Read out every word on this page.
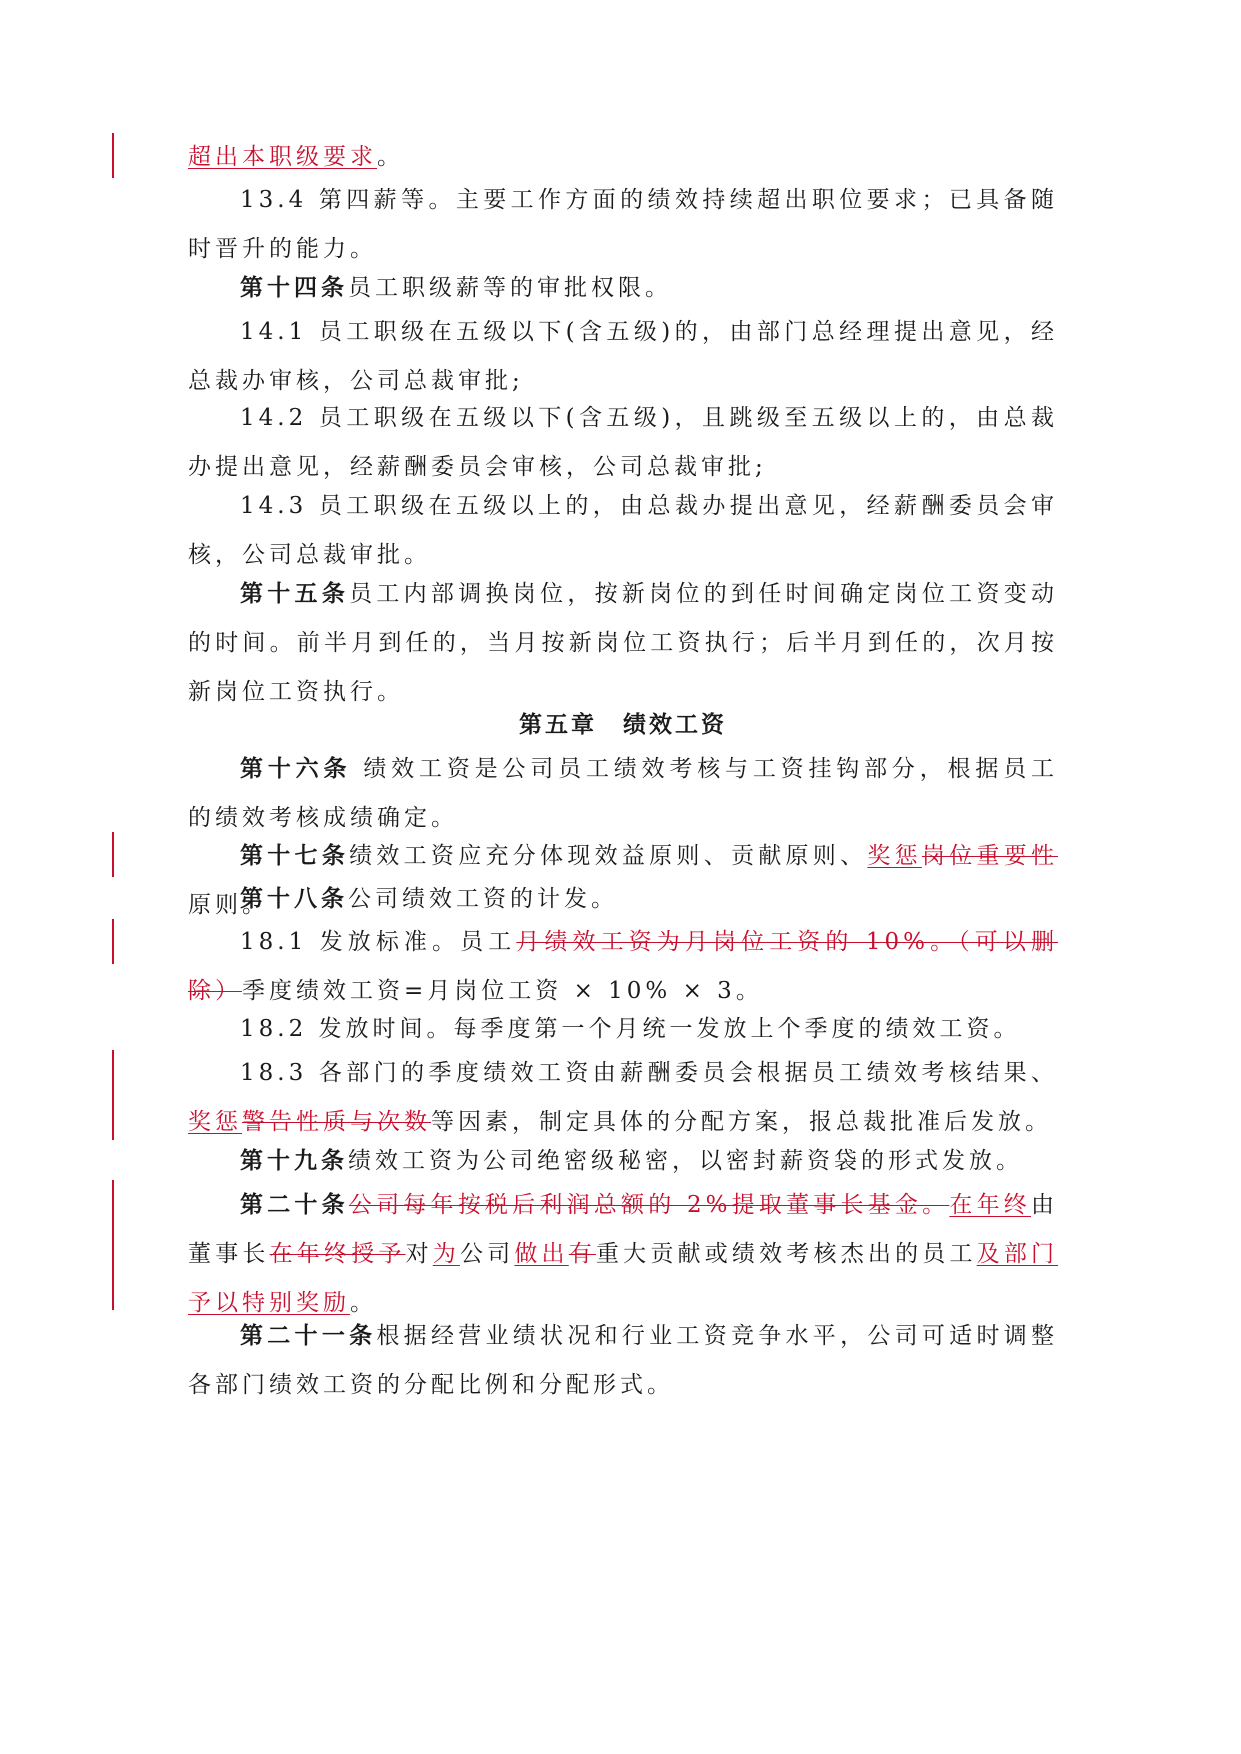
超出本职级要求。

13.4 第四薪等。主要工作方面的绩效持续超出职位要求；已具备随时晋升的能力。

第十四条员工职级薪等的审批权限。

14.1 员工职级在五级以下(含五级)的，由部门总经理提出意见，经总裁办审核，公司总裁审批;

14.2 员工职级在五级以下(含五级)，且跳级至五级以上的，由总裁办提出意见，经薪酬委员会审核，公司总裁审批;

14.3 员工职级在五级以上的，由总裁办提出意见，经薪酬委员会审核，公司总裁审批。

第十五条员工内部调换岗位，按新岗位的到任时间确定岗位工资变动的时间。前半月到任的，当月按新岗位工资执行；后半月到任的，次月按新岗位工资执行。

第五章　绩效工资

第十六条 绩效工资是公司员工绩效考核与工资挂钩部分，根据员工的绩效考核成绩确定。

第十七条绩效工资应充分体现效益原则、贡献原则、奖惩岗位重要性原则。

第十八条公司绩效工资的计发。

18.1 发放标准。员工月绩效工资为月岗位工资的 10%。（可以删除）季度绩效工资=月岗位工资 × 10% × 3。

18.2 发放时间。每季度第一个月统一发放上个季度的绩效工资。

18.3 各部门的季度绩效工资由薪酬委员会根据员工绩效考核结果、奖惩警告性质与次数等因素，制定具体的分配方案，报总裁批准后发放。

第十九条绩效工资为公司绝密级秘密，以密封薪资袋的形式发放。

第二十条公司每年按税后利润总额的 2%提取董事长基金。在年终由董事长在年终授予对为公司做出有重大贡献或绩效考核杰出的员工及部门予以特别奖励。

第二十一条根据经营业绩状况和行业工资竞争水平，公司可适时调整各部门绩效工资的分配比例和分配形式。
